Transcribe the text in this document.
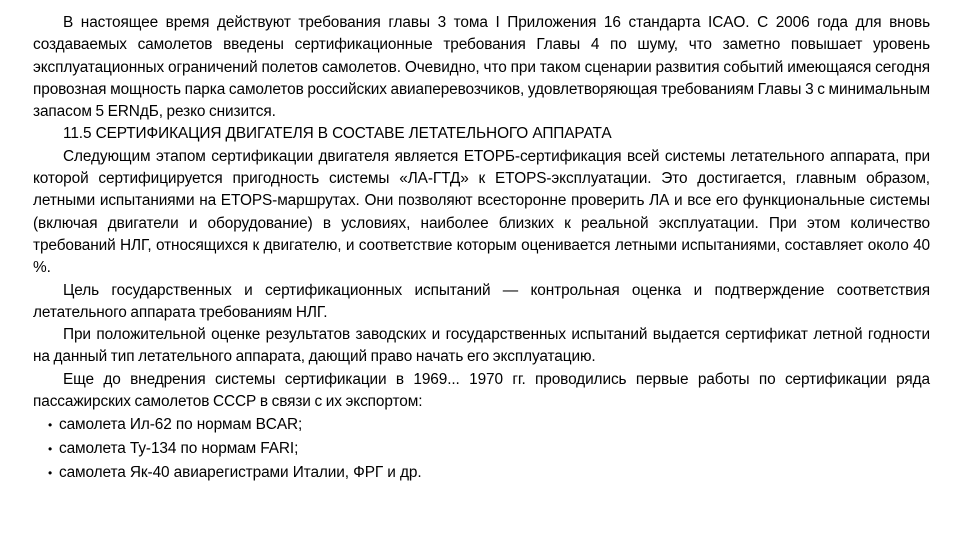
В настоящее время действуют требования главы 3 тома I Приложения 16 стандарта ICAO. С 2006 года для вновь создаваемых самолетов введены сертификационные требования Главы 4 по шуму, что заметно повышает уровень эксплуатационных ограничений полетов самолетов. Очевидно, что при таком сценарии развития событий имеющаяся сегодня провозная мощность парка самолетов российских авиаперевозчиков, удовлетворяющая требованиям Главы 3 с минимальным запасом 5 ERNдБ, резко снизится.

11.5 СЕРТИФИКАЦИЯ ДВИГАТЕЛЯ В СОСТАВЕ ЛЕТАТЕЛЬНОГО АППАРАТА

Следующим этапом сертификации двигателя является ETOPБ-сертификация всей системы летательного аппарата, при которой сертифицируется пригодность системы «ЛА-ГТД» к ETOPS-эксплуатации. Это достигается, главным образом, летными испытаниями на ETOPS-маршрутах. Они позволяют всесторонне проверить ЛА и все его функциональные системы (включая двигатели и оборудование) в условиях, наиболее близких к реальной эксплуатации. При этом количество требований НЛГ, относящихся к двигателю, и соответствие которым оценивается летными испытаниями, составляет около 40 %.

Цель государственных и сертификационных испытаний — контрольная оценка и подтверждение соответствия летательного аппарата требованиям НЛГ.

При положительной оценке результатов заводских и государственных испытаний выдается сертификат летной годности на данный тип летательного аппарата, дающий право начать его эксплуатацию.

Еще до внедрения системы сертификации в 1969... 1970 гг. проводились первые работы по сертификации ряда пассажирских самолетов СССР в связи с их экспортом:

• самолета Ил-62 по нормам BCAR;
• самолета Ту-134 по нормам FARI;
• самолета Як-40 авиарегистрами Италии, ФРГ и др.
